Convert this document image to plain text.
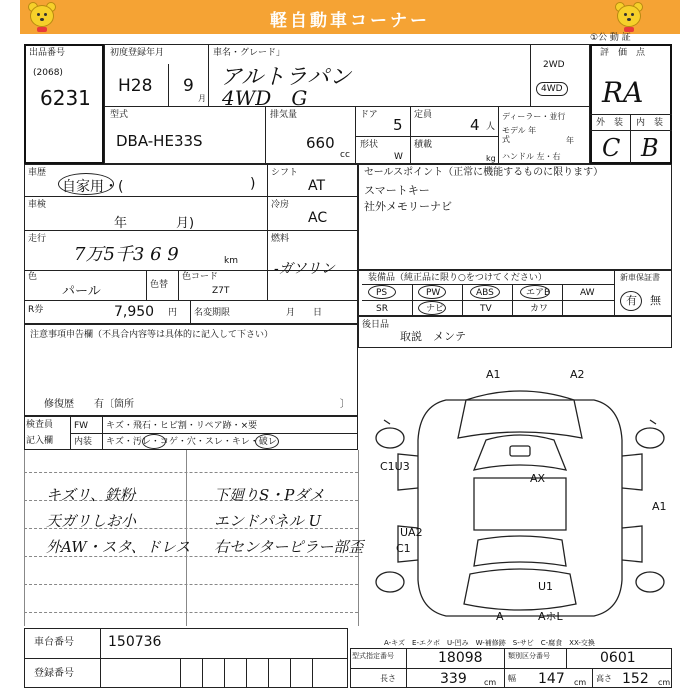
軽自動車コーナー
①公 動 証
出品番号
(2068)
6231
初度登録年月
H28 9
月
車名・グレード」
アルトラパン
4WD　G
2WD
4WD
評　価　点
RA
外　装 内　装
C B
型式
DBA-HE33S
排気量
660
cc
ドア
5
定員
4 人
形状
W
積載
kg
ディーラー・並行
モデル 年式	年
ハンドル 左・右
車歴
自家用・(	)
シフト
AT
車検
年	月)
冷房
AC
走行
7万5千3 6 9	km
燃料
-ガソリン
色
パール	色替
色コード
Z7T
R券	7,950 円 名変期限	月　　日
セールスポイント（正常に機能するものに限ります）
スマートキー
社外メモリーナビ
装備品（純正品に限り○をつけてください）	新車保証書
有 無
PS	PW	ABS	エアB	AW
SR	ナビ	TV	カワ
注意事項申告欄（不具合内容等は具体的に記入して下さい）
修復歴　　有〔箇所	〕
後日品
取説　メンテ
検査員
記入欄
FW
内装
キズ・飛石・ヒビ割・リペア跡・×要
キズ・汚レ・コゲ・穴・スレ・キレ・破レ
キズリ、鉄粉
天ガリしお小
外AW・スタ、ドレス
下廻りS・Pダメ
エンドパネル U
右センターピラー部歪
A1	A2
C1U3
AX
A1
UA2
C1
U1
A	AホL
A-キズ　E-エクボ　U-凹み　W-補修跡　S-サビ　C-腐食　XX-交換
車台番号 150736
登録番号
型式指定番号	18098	類別区分番号	0601
長さ	339 cm 幅 147 cm 高さ 152 cm
